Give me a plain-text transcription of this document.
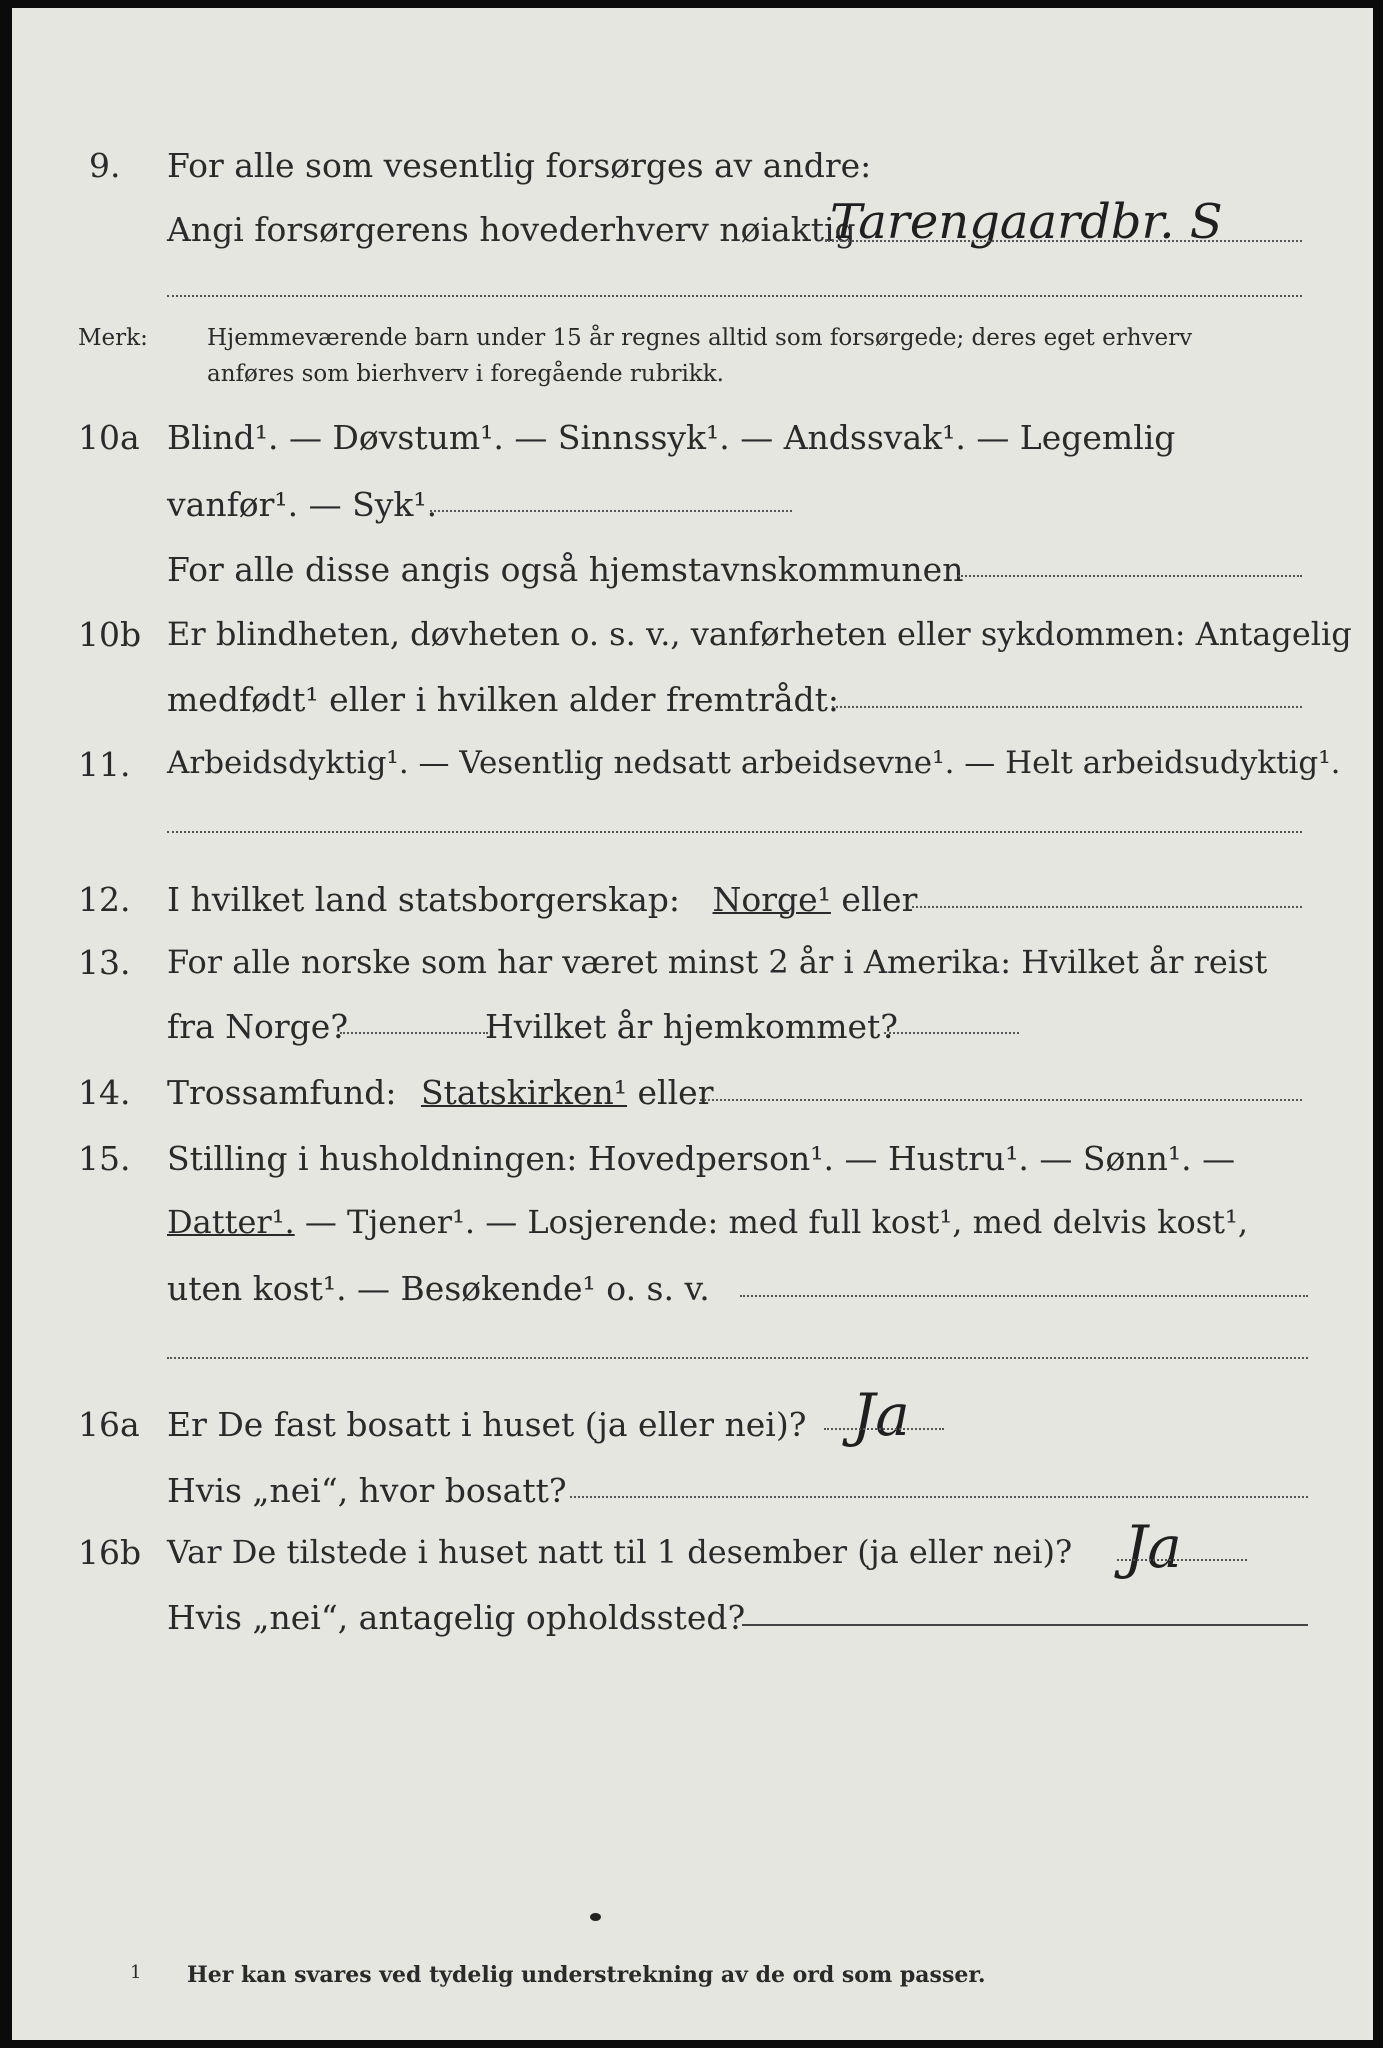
9. For alle som vesentlig forsørges av andre:
Angi forsørgerens hovederhverv nøiaktig
Tarengaardbr. S
Merk:	Hjemmeværende barn under 15 år regnes alltid som forsørgede; deres eget erhverv
anføres som bierhverv i foregående rubrikk.
10a Blind¹. — Døvstum¹. — Sinnssyk¹. — Andssvak¹. — Legemlig
vanfør¹. — Syk¹.
For alle disse angis også hjemstavnskommunen
10b Er blindheten, døvheten o. s. v., vanførheten eller sykdommen: Antagelig
medfødt¹ eller i hvilken alder fremtrådt:
11. Arbeidsdyktig¹. — Vesentlig nedsatt arbeidsevne¹. — Helt arbeidsudyktig¹.
12. I hvilket land statsborgerskap: Norge¹ eller
13. For alle norske som har været minst 2 år i Amerika: Hvilket år reist
fra Norge?	Hvilket år hjemkommet?
14. Trossamfund: Statskirken¹ eller
15. Stilling i husholdningen: Hovedperson¹. — Hustru¹. — Sønn¹. —
Datter¹. — Tjener¹. — Losjerende: med full kost¹, med delvis kost¹,
uten kost¹. — Besøkende¹ o. s. v.
16a Er De fast bosatt i huset (ja eller nei)? Ja
Hvis „nei“, hvor bosatt?
16b Var De tilstede i huset natt til 1 desember (ja eller nei)? Ja
Hvis „nei“, antagelig opholdssted?
1 Her kan svares ved tydelig understrekning av de ord som passer.
